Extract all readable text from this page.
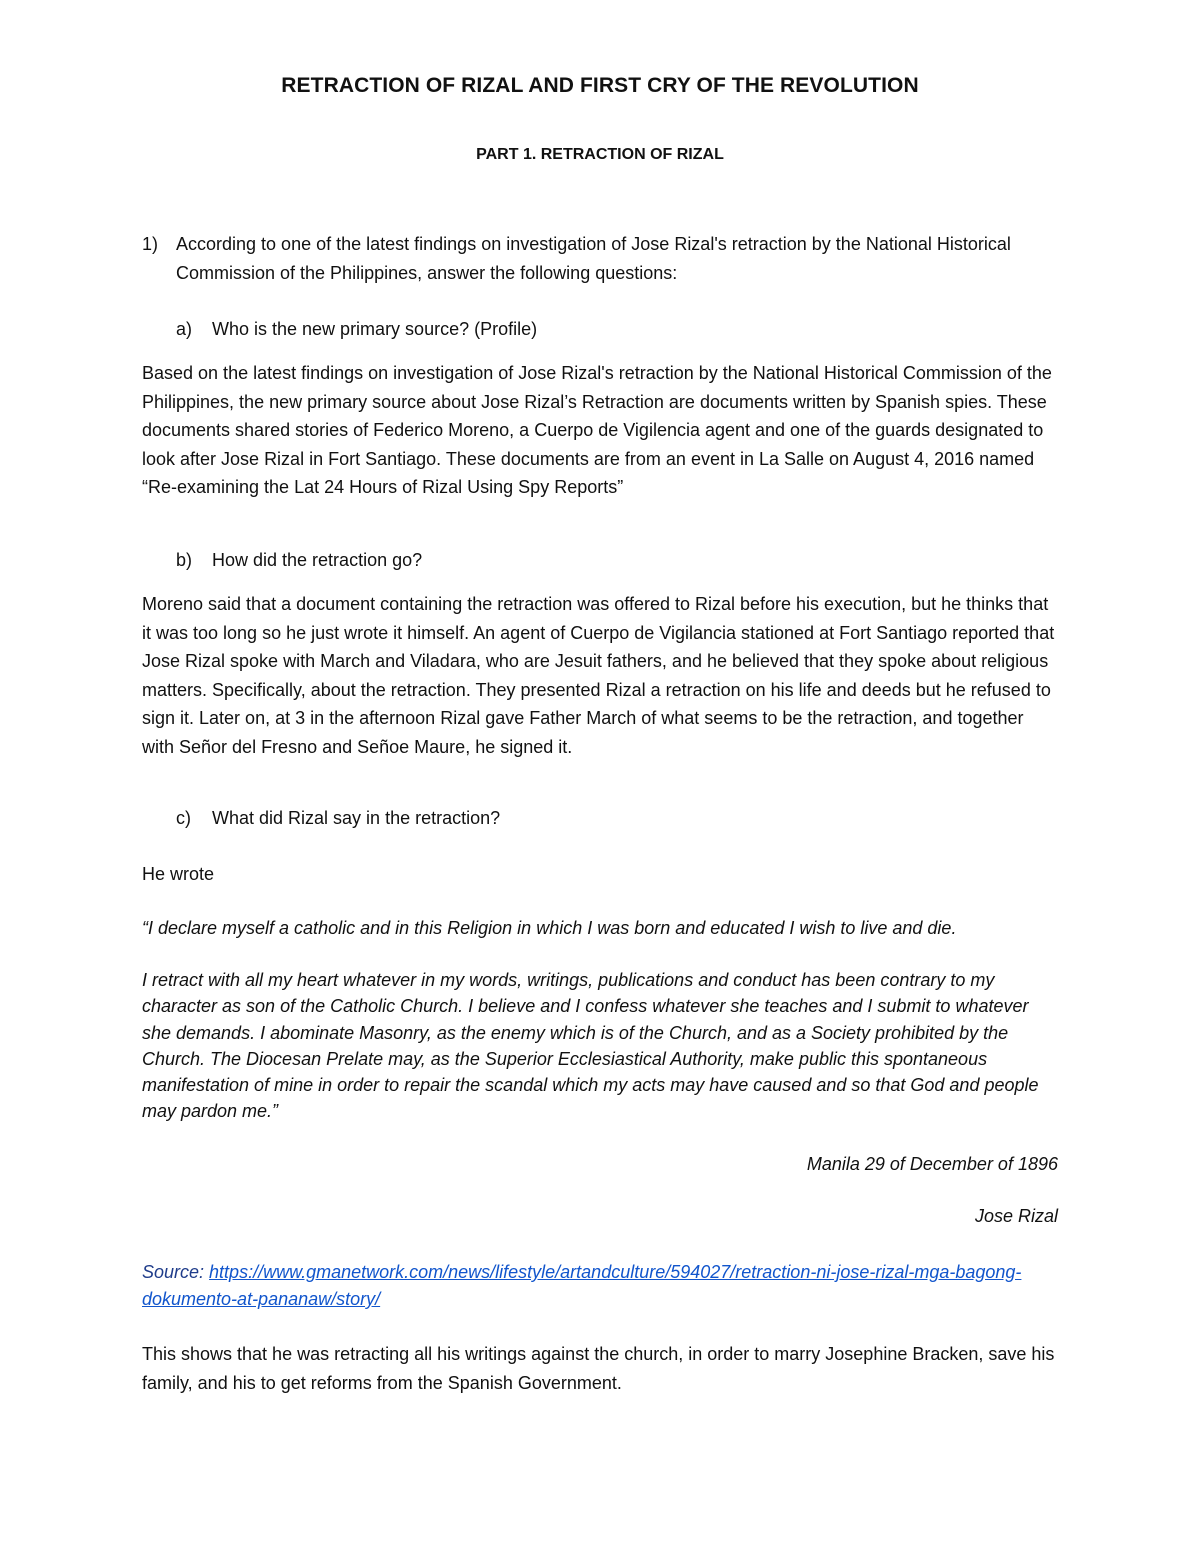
RETRACTION OF RIZAL AND FIRST CRY OF THE REVOLUTION
PART 1. RETRACTION OF RIZAL
1) According to one of the latest findings on investigation of Jose Rizal's retraction by the National Historical Commission of the Philippines, answer the following questions:
a) Who is the new primary source? (Profile)
Based on the latest findings on investigation of Jose Rizal's retraction by the National Historical Commission of the Philippines, the new primary source about Jose Rizal’s Retraction are documents written by Spanish spies. These documents shared stories of Federico Moreno, a Cuerpo de Vigilencia agent and one of the guards designated to look after Jose Rizal in Fort Santiago. These documents are from an event in La Salle on August 4, 2016 named “Re-examining the Lat 24 Hours of Rizal Using Spy Reports”
b) How did the retraction go?
Moreno said that a document containing the retraction was offered to Rizal before his execution, but he thinks that it was too long so he just wrote it himself. An agent of Cuerpo de Vigilancia stationed at Fort Santiago reported that Jose Rizal spoke with March and Viladara, who are Jesuit fathers, and he believed that they spoke about religious matters. Specifically, about the retraction. They presented Rizal a retraction on his life and deeds but he refused to sign it. Later on, at 3 in the afternoon Rizal gave Father March of what seems to be the retraction, and together with Señor del Fresno and Señoe Maure, he signed it.
c) What did Rizal say in the retraction?
He wrote
“I declare myself a catholic and in this Religion in which I was born and educated I wish to live and die.
I retract with all my heart whatever in my words, writings, publications and conduct has been contrary to my character as son of the Catholic Church. I believe and I confess whatever she teaches and I submit to whatever she demands. I abominate Masonry, as the enemy which is of the Church, and as a Society prohibited by the Church. The Diocesan Prelate may, as the Superior Ecclesiastical Authority, make public this spontaneous manifestation of mine in order to repair the scandal which my acts may have caused and so that God and people may pardon me.”
Manila 29 of December of 1896
Jose Rizal
Source: https://www.gmanetwork.com/news/lifestyle/artandculture/594027/retraction-ni-jose-rizal-mga-bagong-dokumento-at-pananaw/story/
This shows that he was retracting all his writings against the church, in order to marry Josephine Bracken, save his family, and his to get reforms from the Spanish Government.
